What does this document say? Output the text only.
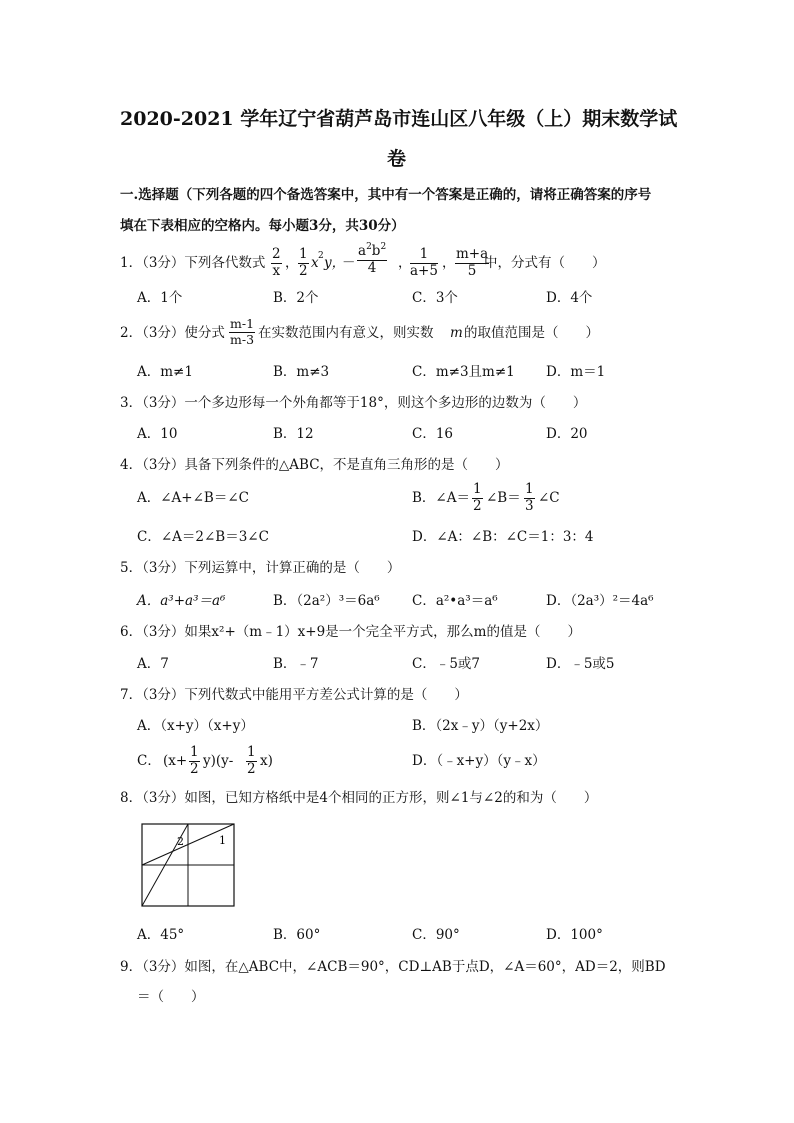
2020-2021 学年辽宁省葫芦岛市连山区八年级（上）期末数学试
卷
一.选择题（下列各题的四个备选答案中，其中有一个答案是正确的，请将正确答案的序号
填在下表相应的空格内。每小题3分，共30分）
1．（3分）下列各代数式 $\frac{2}{x}$ ， $\frac{1}{2}$ x 2 y，
－ $\frac{a^2b^2}{4}$ ，
$\frac{1}{a+5}$ ， $\frac{m+a}{5}$
中，分式有（　　）
A．1个	B．2个	C．3个	D．4个
2．（3分）使分式 $\frac{m-1}{m-3}$ 在实数范围内有意义，则实数 m 的取值范围是（　　）
A．m≠1	B．m≠3	C．m≠3且m≠1 D．m＝1
3．（3分）一个多边形每一个外角都等于18°，则这个多边形的边数为（　　）
A．10	B．12	C．16	D．20
4．（3分）具备下列条件的△ABC，不是直角三角形的是（　　）
A．∠A+∠B＝∠C	B．∠A＝ $\frac{1}{2}$ ∠B＝ $\frac{1}{3}$ ∠C
C．∠A＝2∠B＝3∠C	D．∠A：∠B：∠C＝1：3：4
5．（3分）下列运算中，计算正确的是（　　）
A．a³+a³＝a⁶	B．（2a²）³＝6a⁶ C．a²•a³＝a⁶	D．（2a³）²＝4a⁶
6．（3分）如果x²+（m﹣1）x+9是一个完全平方式，那么m的值是（　　）
A．7	B．﹣7	C．﹣5或7	D．﹣5或5
7．（3分）下列代数式中能用平方差公式计算的是（　　）
A．（x+y）（x+y）	B．（2x﹣y）（y+2x）
C． $(x+ \frac{1}{2} y)(y- \frac{1}{2} x)$	D．（﹣x+y）（y﹣x）
8．（3分）如图，已知方格纸中是4个相同的正方形，则∠1与∠2的和为（　　）
2	1
A．45°	B．60°	C．90°	D．100°
9．（3分）如图，在△ABC中，∠ACB＝90°，CD⊥AB于点D，∠A＝60°，AD＝2，则BD
＝（　　）
